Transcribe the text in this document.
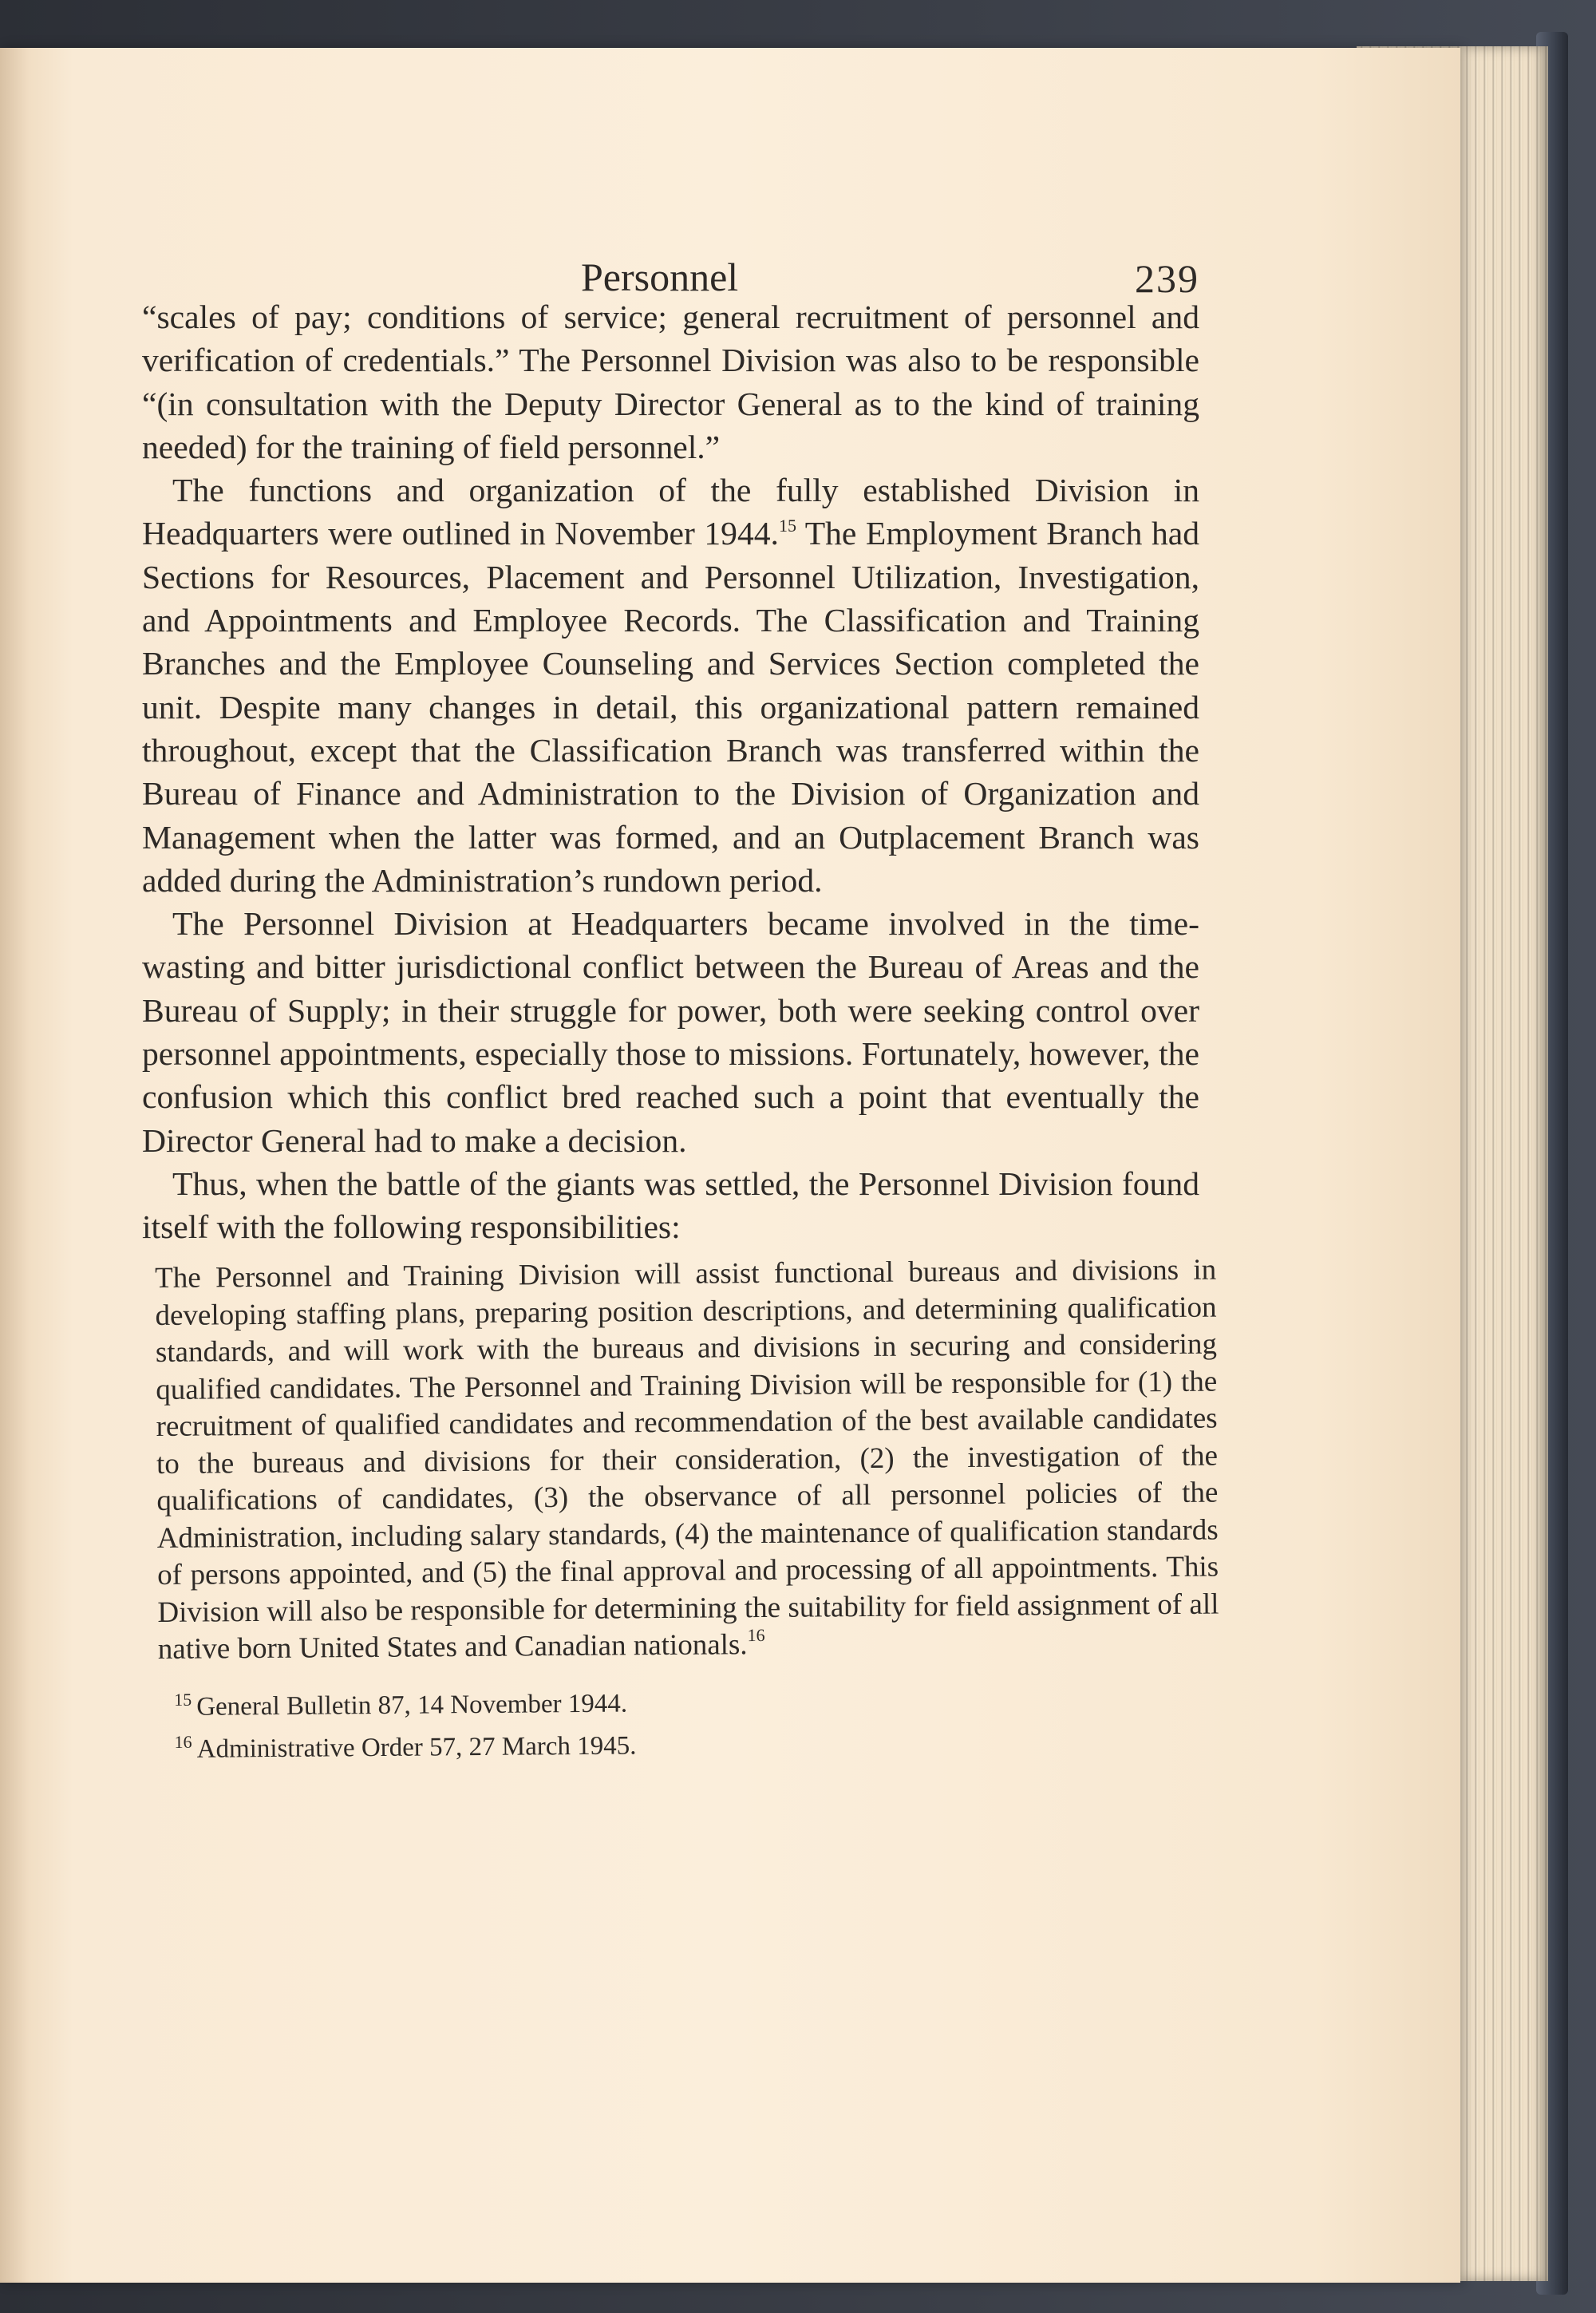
Personnel	239

“scales of pay; conditions of service; general recruitment of personnel and verification of credentials.” The Personnel Division was also to be responsible “(in consultation with the Deputy Director General as to the kind of training needed) for the training of field personnel.”

The functions and organization of the fully established Division in Headquarters were outlined in November 1944.15 The Employment Branch had Sections for Resources, Placement and Personnel Utilization, Investigation, and Appointments and Employee Records. The Classification and Training Branches and the Employee Counseling and Services Section completed the unit. Despite many changes in detail, this organizational pattern remained throughout, except that the Classification Branch was transferred within the Bureau of Finance and Administration to the Division of Organization and Management when the latter was formed, and an Outplacement Branch was added during the Administration’s rundown period.

The Personnel Division at Headquarters became involved in the time-wasting and bitter jurisdictional conflict between the Bureau of Areas and the Bureau of Supply; in their struggle for power, both were seeking control over personnel appointments, especially those to missions. Fortunately, however, the confusion which this conflict bred reached such a point that eventually the Director General had to make a decision.

Thus, when the battle of the giants was settled, the Personnel Division found itself with the following responsibilities:

The Personnel and Training Division will assist functional bureaus and divisions in developing staffing plans, preparing position descriptions, and determining qualification standards, and will work with the bureaus and divisions in securing and considering qualified candidates. The Personnel and Training Division will be responsible for (1) the recruitment of qualified candidates and recommendation of the best available candidates to the bureaus and divisions for their consideration, (2) the investigation of the qualifications of candidates, (3) the observance of all personnel policies of the Administration, including salary standards, (4) the maintenance of qualification standards of persons appointed, and (5) the final approval and processing of all appointments. This Division will also be responsible for determining the suitability for field assignment of all native born United States and Canadian nationals.$^{16}$
$^{15}$ General Bulletin 87, 14 November 1944.
$^{16}$ Administrative Order 57, 27 March 1945.
